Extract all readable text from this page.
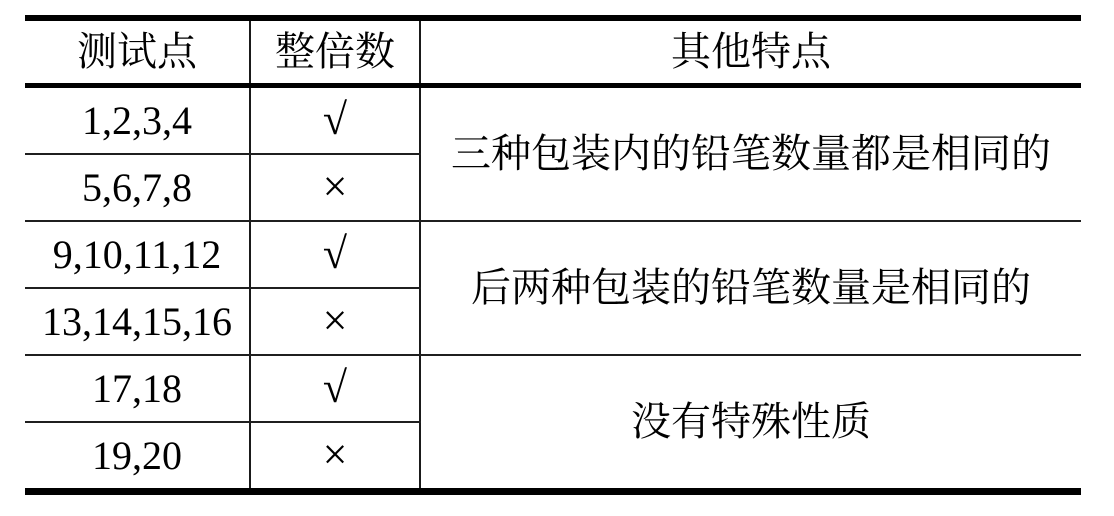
测试点	整倍数	其他特点
1,2,3,4	√	三种包装内的铅笔数量都是相同的
5,6,7,8	×	
9,10,11,12	√	后两种包装的铅笔数量是相同的
13,14,15,16	×	
17,18	√	没有特殊性质
19,20	×	
